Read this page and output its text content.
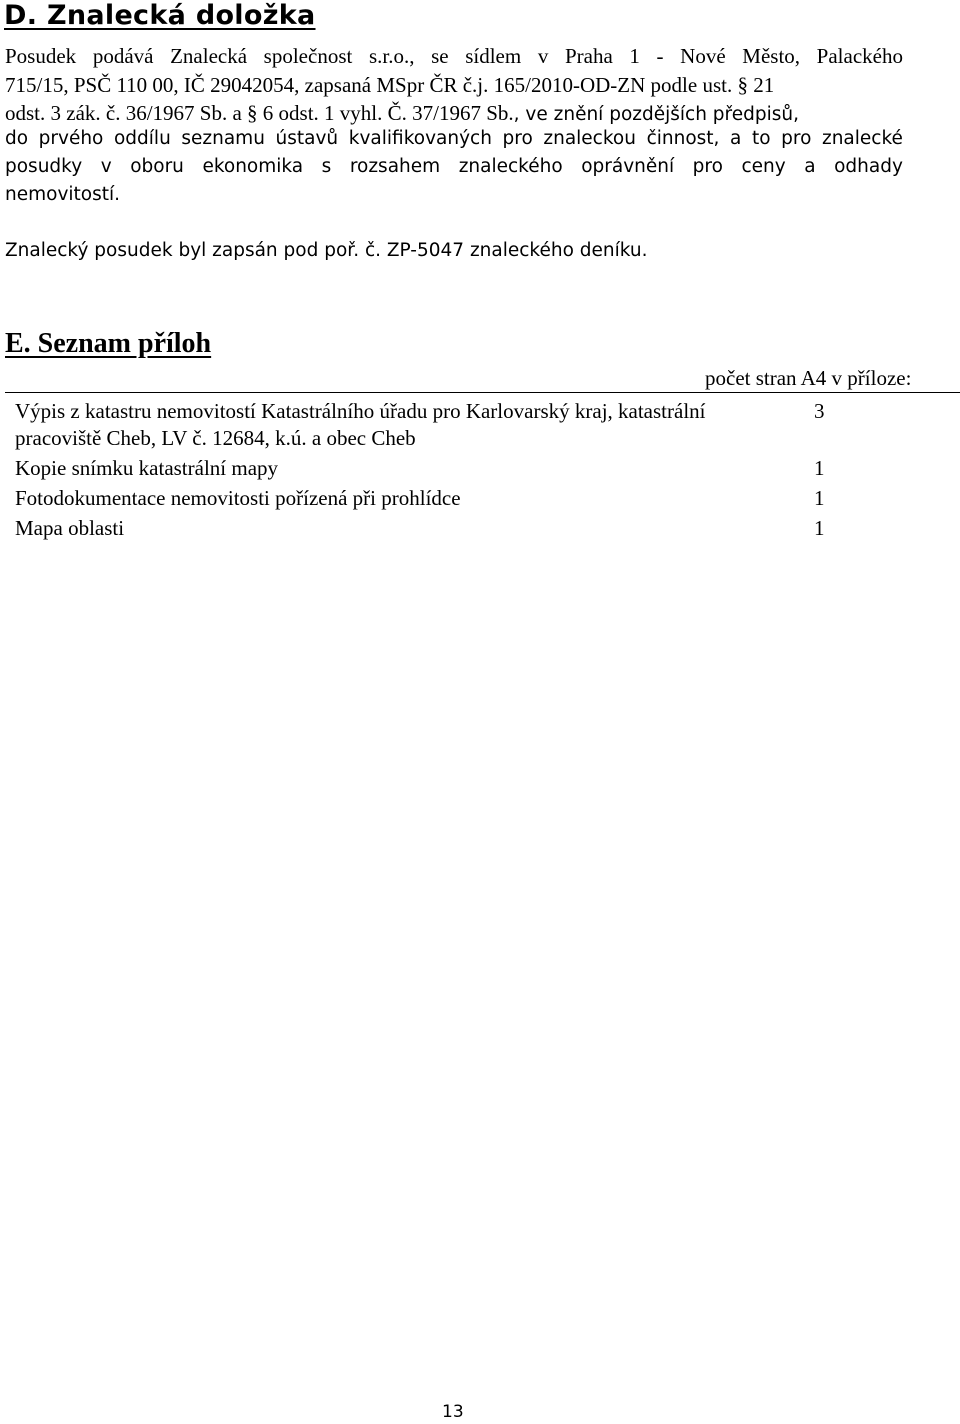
D. Znalecká doložka
Posudek podává Znalecká společnost s.r.o., se sídlem v Praha 1 - Nové Město, Palackého
715/15, PSČ 110 00, IČ 29042054, zapsaná MSpr ČR č.j. 165/2010-OD-ZN podle ust. § 21
odst. 3 zák. č. 36/1967 Sb. a § 6 odst. 1 vyhl. Č. 37/1967 Sb., ve znění pozdějších předpisů,
do prvého oddílu seznamu ústavů kvalifikovaných pro znaleckou činnost, a to pro znalecké
posudky v oboru ekonomika s rozsahem znaleckého oprávnění pro ceny a odhady
nemovitostí.
Znalecký posudek byl zapsán pod poř. č. ZP-5047 znaleckého deníku.
E. Seznam příloh
počet stran A4 v příloze:
Výpis z katastru nemovitostí Katastrálního úřadu pro Karlovarský kraj, katastrální	3
pracoviště Cheb, LV č. 12684, k.ú. a obec Cheb
Kopie snímku katastrální mapy	1
Fotodokumentace nemovitosti pořízená při prohlídce	1
Mapa oblasti	1
13
